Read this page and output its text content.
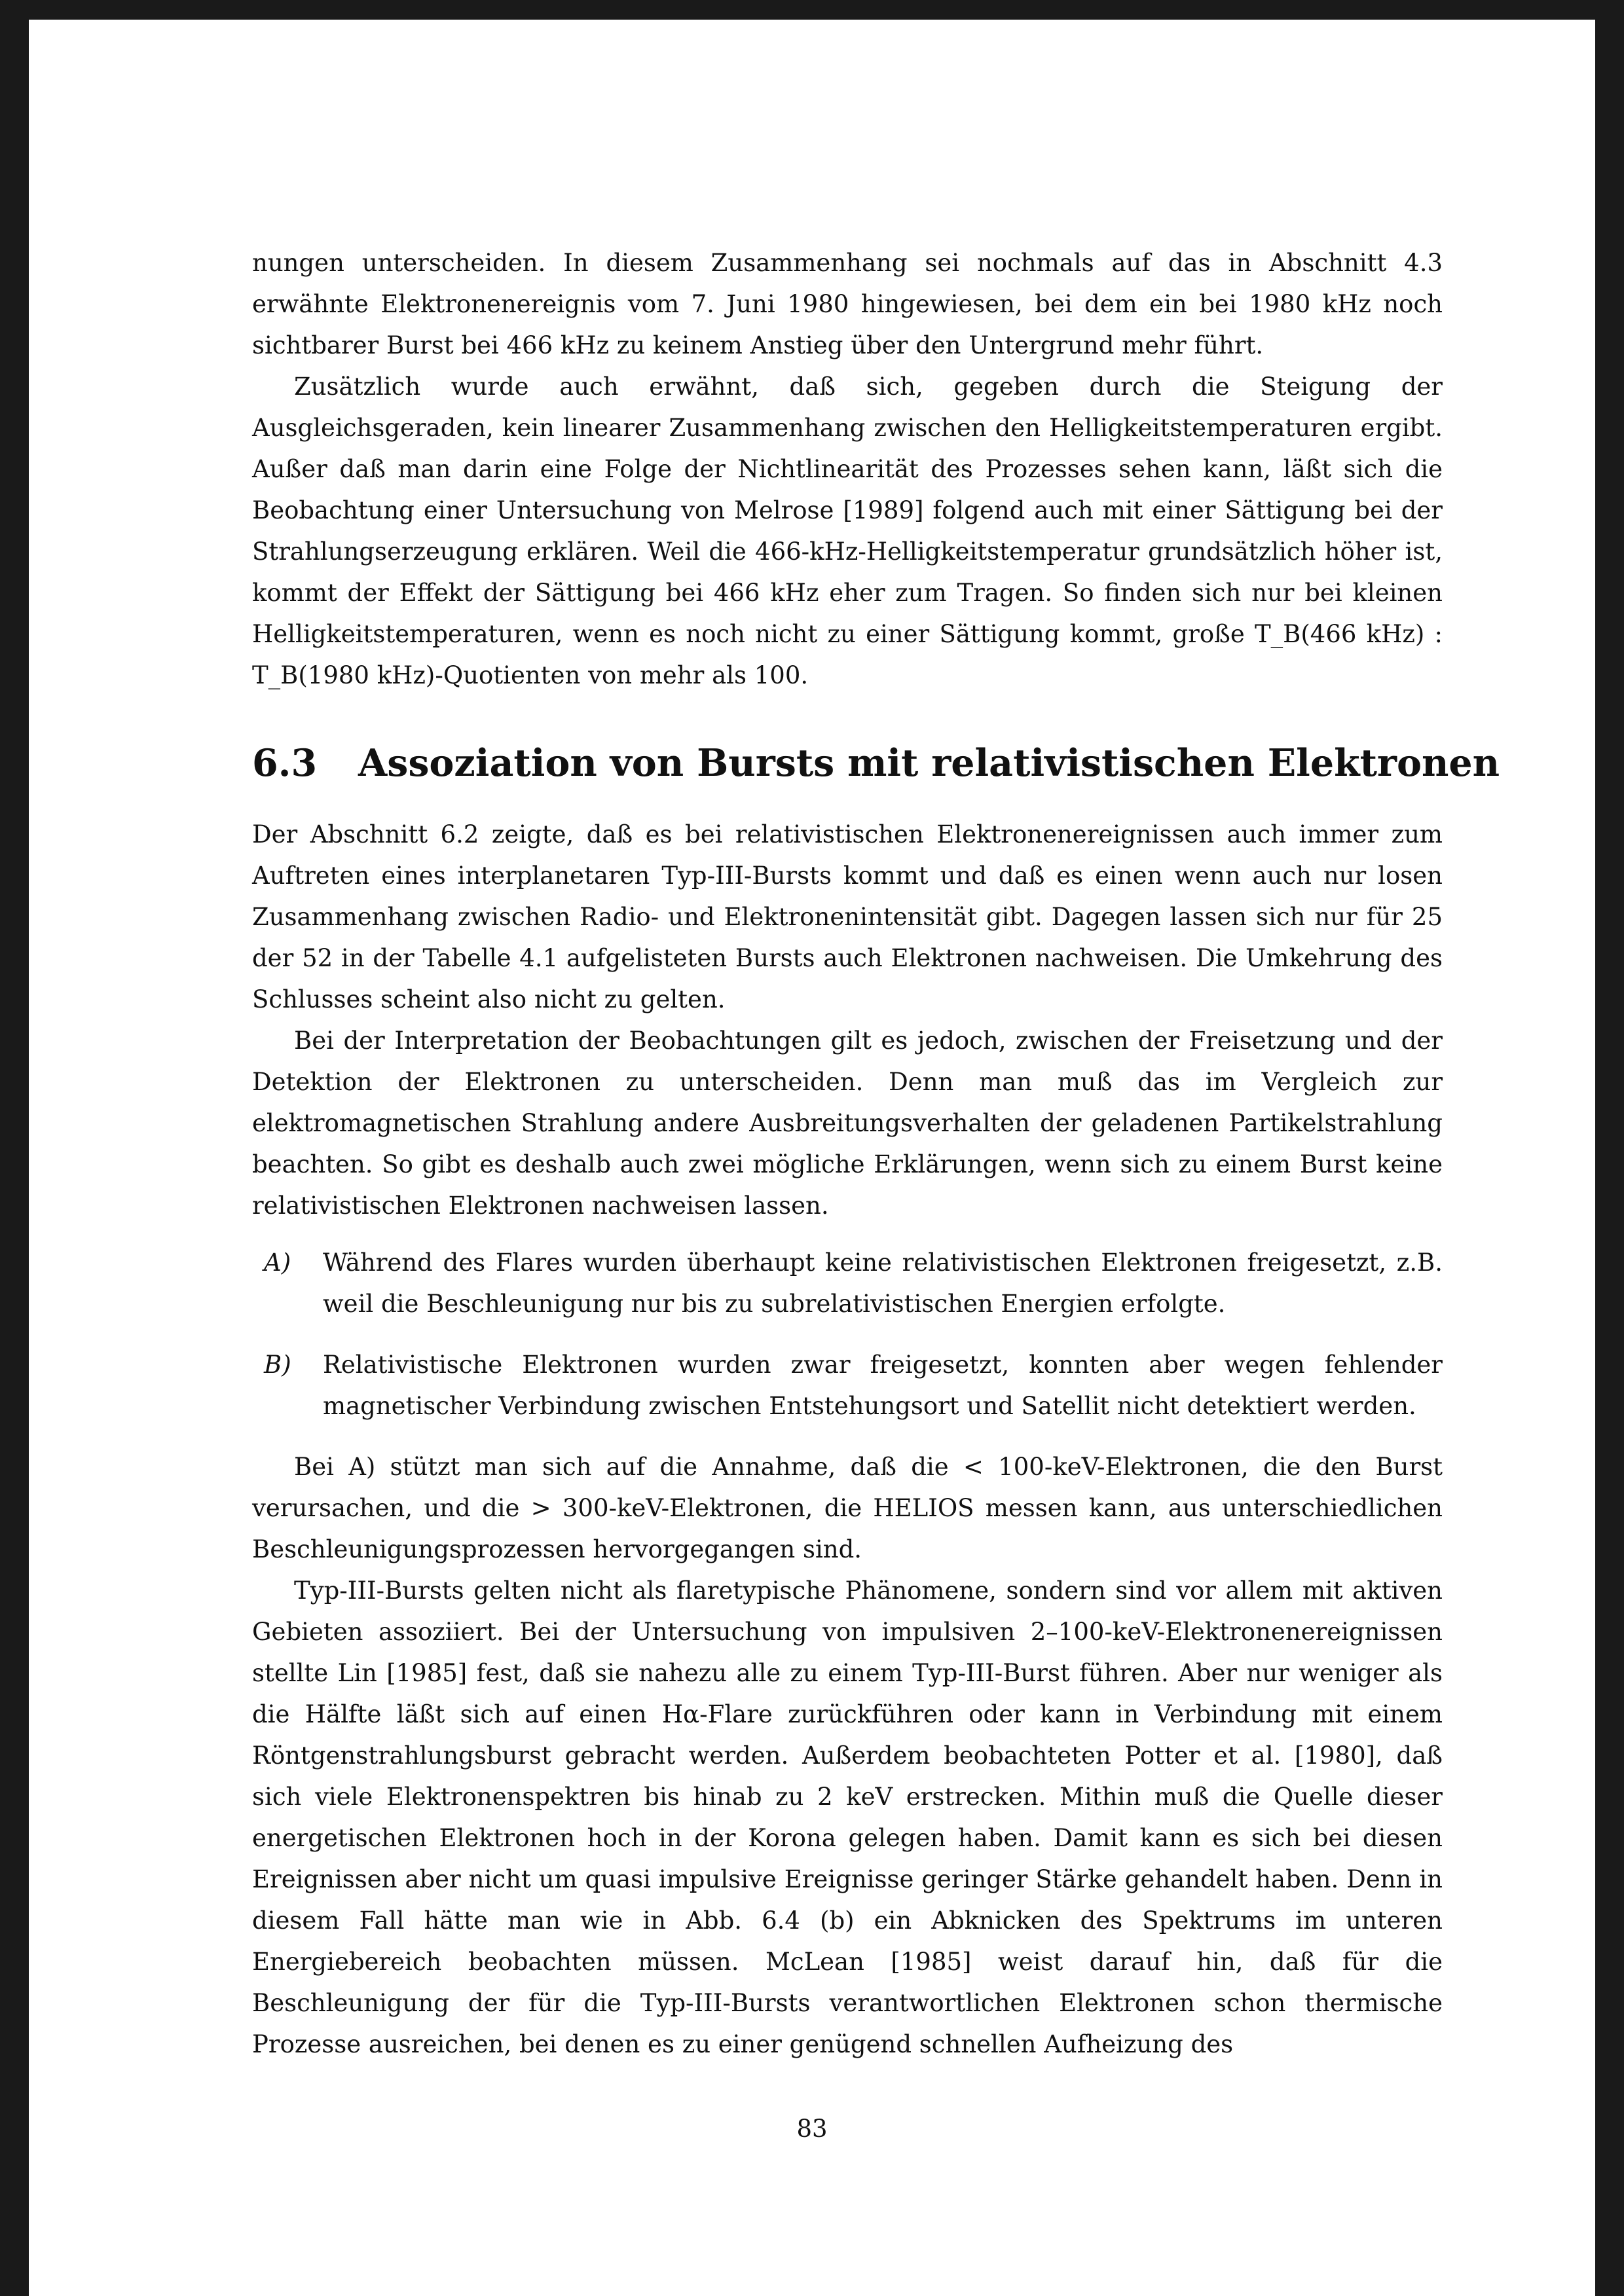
nungen unterscheiden. In diesem Zusammenhang sei nochmals auf das in Abschnitt 4.3 erwähnte Elektronenereignis vom 7. Juni 1980 hingewiesen, bei dem ein bei 1980 kHz noch sichtbarer Burst bei 466 kHz zu keinem Anstieg über den Untergrund mehr führt.

Zusätzlich wurde auch erwähnt, daß sich, gegeben durch die Steigung der Ausgleichsgeraden, kein linearer Zusammenhang zwischen den Helligkeitstemperaturen ergibt. Außer daß man darin eine Folge der Nichtlinearität des Prozesses sehen kann, läßt sich die Beobachtung einer Untersuchung von Melrose [1989] folgend auch mit einer Sättigung bei der Strahlungserzeugung erklären. Weil die 466-kHz-Helligkeitstemperatur grundsätzlich höher ist, kommt der Effekt der Sättigung bei 466 kHz eher zum Tragen. So finden sich nur bei kleinen Helligkeitstemperaturen, wenn es noch nicht zu einer Sättigung kommt, große T_B(466 kHz) : T_B(1980 kHz)-Quotienten von mehr als 100.

6.3 Assoziation von Bursts mit relativistischen Elektronen

Der Abschnitt 6.2 zeigte, daß es bei relativistischen Elektronenereignissen auch immer zum Auftreten eines interplanetaren Typ-III-Bursts kommt und daß es einen wenn auch nur losen Zusammenhang zwischen Radio- und Elektronenintensität gibt. Dagegen lassen sich nur für 25 der 52 in der Tabelle 4.1 aufgelisteten Bursts auch Elektronen nachweisen. Die Umkehrung des Schlusses scheint also nicht zu gelten.

Bei der Interpretation der Beobachtungen gilt es jedoch, zwischen der Freisetzung und der Detektion der Elektronen zu unterscheiden. Denn man muß das im Vergleich zur elektromagnetischen Strahlung andere Ausbreitungsverhalten der geladenen Partikelstrahlung beachten. So gibt es deshalb auch zwei mögliche Erklärungen, wenn sich zu einem Burst keine relativistischen Elektronen nachweisen lassen.

A) Während des Flares wurden überhaupt keine relativistischen Elektronen freigesetzt, z.B. weil die Beschleunigung nur bis zu subrelativistischen Energien erfolgte.
B) Relativistische Elektronen wurden zwar freigesetzt, konnten aber wegen fehlender magnetischer Verbindung zwischen Entstehungsort und Satellit nicht detektiert werden.

Bei A) stützt man sich auf die Annahme, daß die < 100-keV-Elektronen, die den Burst verursachen, und die > 300-keV-Elektronen, die HELIOS messen kann, aus unterschiedlichen Beschleunigungsprozessen hervorgegangen sind.

Typ-III-Bursts gelten nicht als flaretypische Phänomene, sondern sind vor allem mit aktiven Gebieten assoziiert. Bei der Untersuchung von impulsiven 2–100-keV-Elektronenereignissen stellte Lin [1985] fest, daß sie nahezu alle zu einem Typ-III-Burst führen. Aber nur weniger als die Hälfte läßt sich auf einen Hα-Flare zurückführen oder kann in Verbindung mit einem Röntgenstrahlungsburst gebracht werden. Außerdem beobachteten Potter et al. [1980], daß sich viele Elektronenspektren bis hinab zu 2 keV erstrecken. Mithin muß die Quelle dieser energetischen Elektronen hoch in der Korona gelegen haben. Damit kann es sich bei diesen Ereignissen aber nicht um quasi impulsive Ereignisse geringer Stärke gehandelt haben. Denn in diesem Fall hätte man wie in Abb. 6.4 (b) ein Abknicken des Spektrums im unteren Energiebereich beobachten müssen. McLean [1985] weist darauf hin, daß für die Beschleunigung der für die Typ-III-Bursts verantwortlichen Elektronen schon thermische Prozesse ausreichen, bei denen es zu einer genügend schnellen Aufheizung des

83
